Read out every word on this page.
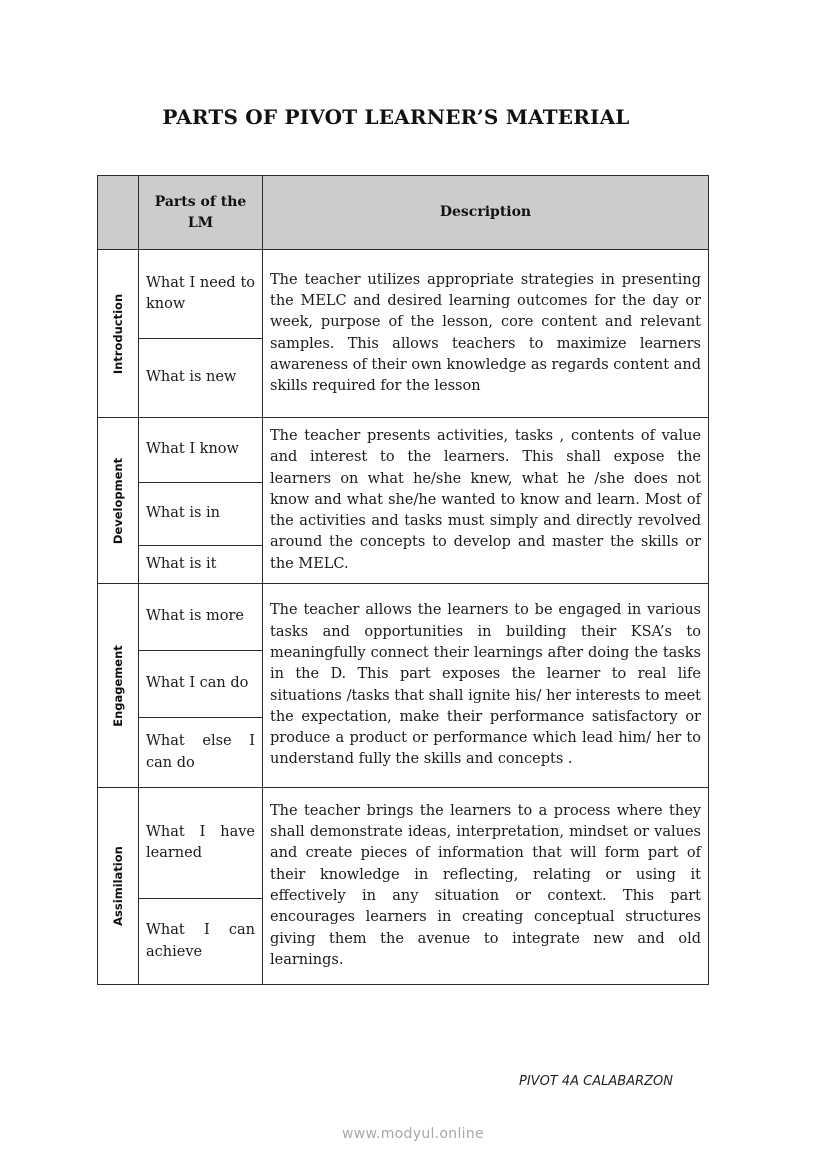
PARTS OF PIVOT LEARNER’S MATERIAL
	Parts of the LM	Description

Introduction	What I need to know	The teacher utilizes appropriate strategies in presenting the MELC and desired learning outcomes for the day or week, purpose of the lesson, core content and relevant samples. This allows teachers to maximize learners awareness of their own knowledge as regards content and skills required for the lesson
	What is new	

Development	What I know	The teacher presents activities, tasks , contents of value and interest to the learners. This shall expose the learners on what he/she knew, what he /she does not know and what she/he wanted to know and learn. Most of the activities and tasks must simply and directly revolved around the concepts to develop and master the skills or the MELC.
	What is in	
	What is it	

Engagement	What is more	The teacher allows the learners to be engaged in various tasks and opportunities in building their KSA’s to meaningfully connect their learnings after doing the tasks in the D. This part exposes the learner to real life situations /tasks that shall ignite his/ her interests to meet the expectation, make their performance satisfactory or produce a product or performance which lead him/ her to understand fully the skills and concepts .
	What I can do	
	What else I can do	

Assimilation	What I have learned	The teacher brings the learners to a process where they shall demonstrate ideas, interpretation, mindset or values and create pieces of information that will form part of their knowledge in reflecting, relating or using it effectively in any situation or context. This part encourages learners in creating conceptual structures giving them the avenue to integrate new and old learnings.
	What I can achieve	
PIVOT 4A CALABARZON
www.modyul.online
